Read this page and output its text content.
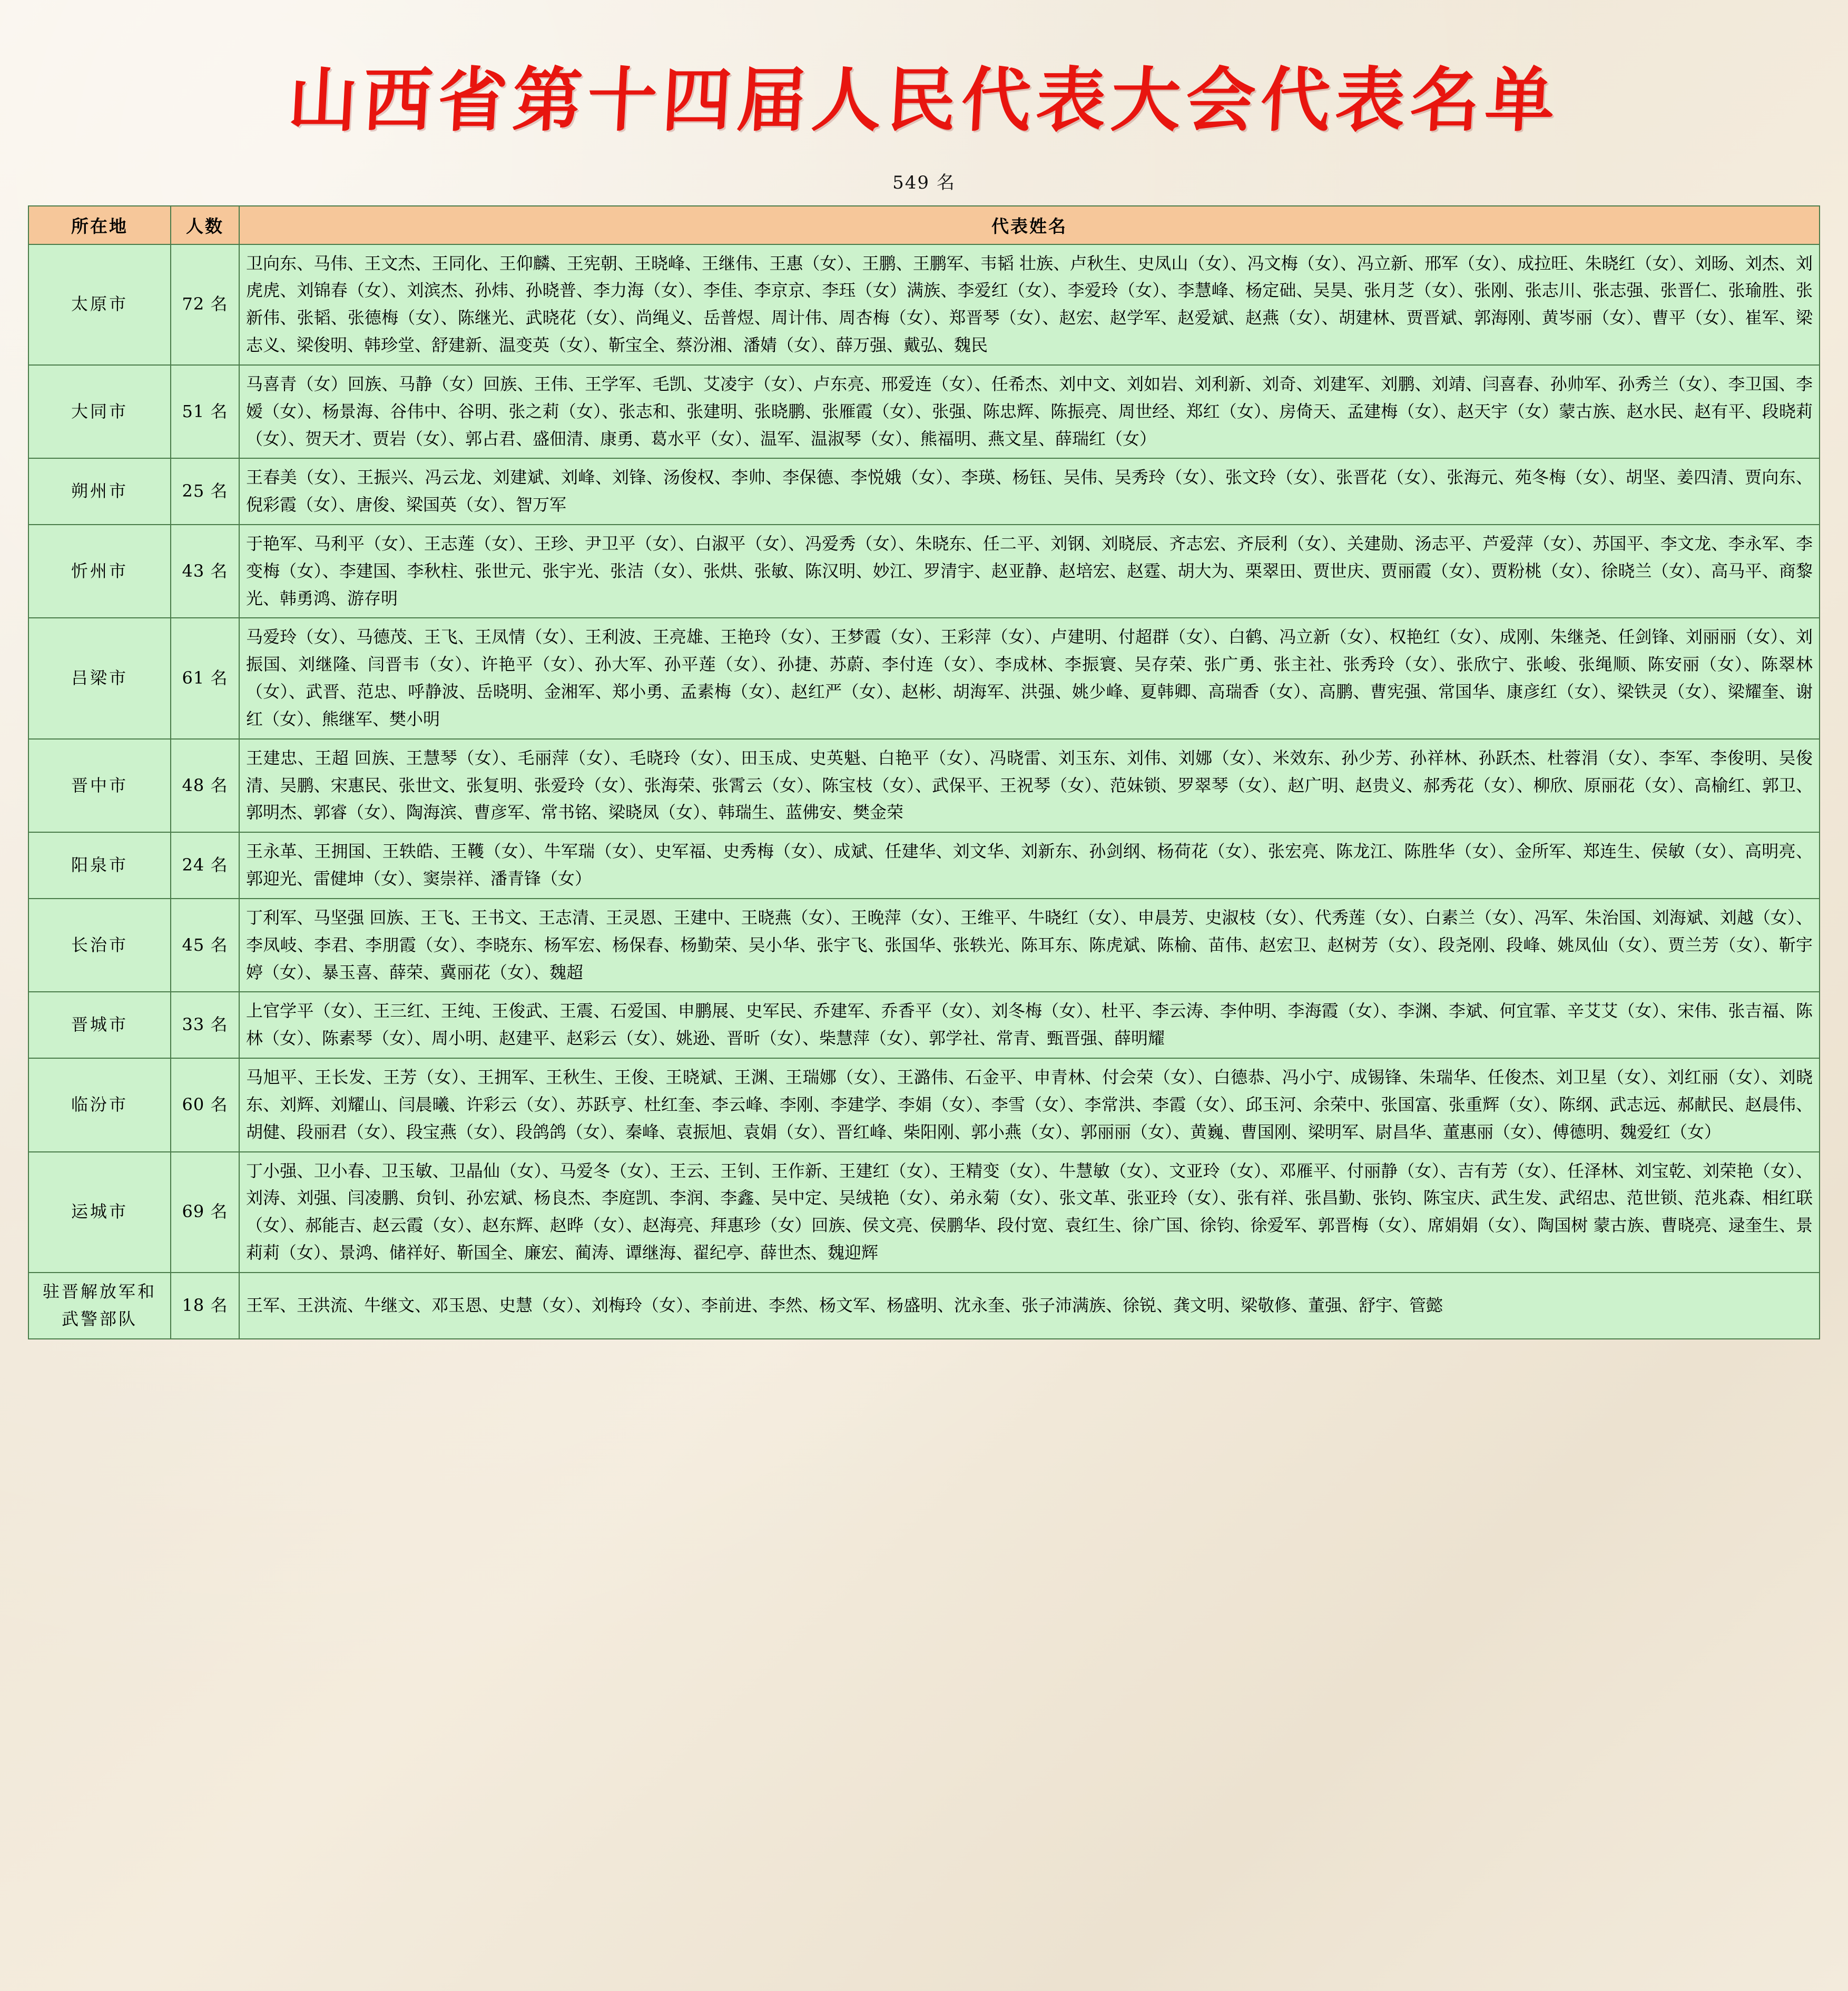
山西省第十四届人民代表大会代表名单
549 名
所在地	人数	代表姓名
太原市	72 名	卫向东、马伟、王文杰、王同化、王仰麟、王宪朝、王晓峰、王继伟、王惠（女）、王鹏、王鹏军、韦韬 壮族、卢秋生、史凤山（女）、冯文梅（女）、冯立新、邢军（女）、成拉旺、朱晓红（女）、刘旸、刘杰、刘虎虎、刘锦春（女）、刘滨杰、孙炜、孙晓普、李力海（女）、李佳、李京京、李珏（女）满族、李爱红（女）、李爱玲（女）、李慧峰、杨定础、吴昊、张月芝（女）、张刚、张志川、张志强、张晋仁、张瑜胜、张新伟、张韬、张德梅（女）、陈继光、武晓花（女）、尚绳义、岳普煜、周计伟、周杏梅（女）、郑晋琴（女）、赵宏、赵学军、赵爱斌、赵燕（女）、胡建林、贾晋斌、郭海刚、黄岑丽（女）、曹平（女）、崔军、梁志义、梁俊明、韩珍堂、舒建新、温变英（女）、靳宝全、蔡汾湘、潘婧（女）、薛万强、戴弘、魏民
大同市	51 名	马喜青（女）回族、马静（女）回族、王伟、王学军、毛凯、艾凌宇（女）、卢东亮、邢爱连（女）、任希杰、刘中文、刘如岩、刘利新、刘奇、刘建军、刘鹏、刘靖、闫喜春、孙帅军、孙秀兰（女）、李卫国、李嫒（女）、杨景海、谷伟中、谷明、张之莉（女）、张志和、张建明、张晓鹏、张雁霞（女）、张强、陈忠辉、陈振亮、周世经、郑红（女）、房倚天、孟建梅（女）、赵天宇（女）蒙古族、赵水民、赵有平、段晓莉（女）、贺天才、贾岩（女）、郭占君、盛佃清、康勇、葛水平（女）、温军、温淑琴（女）、熊福明、燕文星、薛瑞红（女）
朔州市	25 名	王春美（女）、王振兴、冯云龙、刘建斌、刘峰、刘锋、汤俊权、李帅、李保德、李悦娥（女）、李瑛、杨钰、吴伟、吴秀玲（女）、张文玲（女）、张晋花（女）、张海元、苑冬梅（女）、胡坚、姜四清、贾向东、倪彩霞（女）、唐俊、梁国英（女）、智万军
忻州市	43 名	于艳军、马利平（女）、王志莲（女）、王珍、尹卫平（女）、白淑平（女）、冯爱秀（女）、朱晓东、任二平、刘钢、刘晓辰、齐志宏、齐辰利（女）、关建勋、汤志平、芦爱萍（女）、苏国平、李文龙、李永军、李变梅（女）、李建国、李秋柱、张世元、张宇光、张洁（女）、张烘、张敏、陈汉明、妙江、罗清宇、赵亚静、赵培宏、赵霆、胡大为、栗翠田、贾世庆、贾丽霞（女）、贾粉桃（女）、徐晓兰（女）、高马平、商黎光、韩勇鸿、游存明
吕梁市	61 名	马爱玲（女）、马德茂、王飞、王凤情（女）、王利波、王亮雄、王艳玲（女）、王梦霞（女）、王彩萍（女）、卢建明、付超群（女）、白鹤、冯立新（女）、权艳红（女）、成刚、朱继尧、任剑锋、刘丽丽（女）、刘振国、刘继隆、闫晋韦（女）、许艳平（女）、孙大军、孙平莲（女）、孙捷、苏蔚、李付连（女）、李成林、李振寰、吴存荣、张广勇、张主社、张秀玲（女）、张欣宁、张峻、张绳顺、陈安丽（女）、陈翠林（女）、武晋、范忠、呼静波、岳晓明、金湘军、郑小勇、孟素梅（女）、赵红严（女）、赵彬、胡海军、洪强、姚少峰、夏韩卿、高瑞香（女）、高鹏、曹宪强、常国华、康彦红（女）、梁铁灵（女）、梁耀奎、谢红（女）、熊继军、樊小明
晋中市	48 名	王建忠、王超 回族、王慧琴（女）、毛丽萍（女）、毛晓玲（女）、田玉成、史英魁、白艳平（女）、冯晓雷、刘玉东、刘伟、刘娜（女）、米效东、孙少芳、孙祥林、孙跃杰、杜蓉涓（女）、李军、李俊明、吴俊清、吴鹏、宋惠民、张世文、张复明、张爱玲（女）、张海荣、张霄云（女）、陈宝枝（女）、武保平、王祝琴（女）、范妹锁、罗翠琴（女）、赵广明、赵贵义、郝秀花（女）、柳欣、原丽花（女）、高榆红、郭卫、郭明杰、郭睿（女）、陶海滨、曹彦军、常书铭、梁晓凤（女）、韩瑞生、蓝佛安、樊金荣
阳泉市	24 名	王永革、王拥国、王轶皓、王韄（女）、牛军瑞（女）、史军福、史秀梅（女）、成斌、任建华、刘文华、刘新东、孙剑纲、杨荷花（女）、张宏亮、陈龙江、陈胜华（女）、金所军、郑连生、侯敏（女）、高明亮、郭迎光、雷健坤（女）、窦崇祥、潘青锋（女）
长治市	45 名	丁利军、马坚强 回族、王飞、王书文、王志清、王灵恩、王建中、王晓燕（女）、王晚萍（女）、王维平、牛晓红（女）、申晨芳、史淑枝（女）、代秀莲（女）、白素兰（女）、冯军、朱治国、刘海斌、刘越（女）、李凤岐、李君、李朋霞（女）、李晓东、杨军宏、杨保春、杨勤荣、吴小华、张宇飞、张国华、张轶光、陈耳东、陈虎斌、陈榆、苗伟、赵宏卫、赵树芳（女）、段尧刚、段峰、姚凤仙（女）、贾兰芳（女）、靳宇婷（女）、暴玉喜、薛荣、冀丽花（女）、魏超
晋城市	33 名	上官学平（女）、王三红、王纯、王俊武、王震、石爱国、申鹏展、史军民、乔建军、乔香平（女）、刘冬梅（女）、杜平、李云涛、李仲明、李海霞（女）、李渊、李斌、何宜霏、辛艾艾（女）、宋伟、张吉福、陈林（女）、陈素琴（女）、周小明、赵建平、赵彩云（女）、姚逊、晋昕（女）、柴慧萍（女）、郭学社、常青、甄晋强、薛明耀
临汾市	60 名	马旭平、王长发、王芳（女）、王拥军、王秋生、王俊、王晓斌、王渊、王瑞娜（女）、王潞伟、石金平、申青林、付会荣（女）、白德恭、冯小宁、成锡锋、朱瑞华、任俊杰、刘卫星（女）、刘红丽（女）、刘晓东、刘辉、刘耀山、闫晨曦、许彩云（女）、苏跃亨、杜红奎、李云峰、李刚、李建学、李娟（女）、李雪（女）、李常洪、李霞（女）、邱玉河、余荣中、张国富、张重辉（女）、陈纲、武志远、郝献民、赵晨伟、胡健、段丽君（女）、段宝燕（女）、段鸽鸽（女）、秦峰、袁振旭、袁娟（女）、晋红峰、柴阳刚、郭小燕（女）、郭丽丽（女）、黄巍、曹国刚、梁明军、尉昌华、董惠丽（女）、傅德明、魏爱红（女）
运城市	69 名	丁小强、卫小春、卫玉敏、卫晶仙（女）、马爱冬（女）、王云、王钊、王作新、王建红（女）、王精变（女）、牛慧敏（女）、文亚玲（女）、邓雁平、付丽静（女）、吉有芳（女）、任泽林、刘宝乾、刘荣艳（女）、刘涛、刘强、闫凌鹏、贠钊、孙宏斌、杨良杰、李庭凯、李润、李鑫、吴中定、吴绒艳（女）、弟永菊（女）、张文革、张亚玲（女）、张有祥、张昌勤、张钧、陈宝庆、武生发、武绍忠、范世锁、范兆森、相红联（女）、郝能吉、赵云霞（女）、赵东辉、赵晔（女）、赵海亮、拜惠珍（女）回族、侯文亮、侯鹏华、段付宽、袁红生、徐广国、徐钧、徐爱军、郭晋梅（女）、席娟娟（女）、陶国树 蒙古族、曹晓亮、逯奎生、景莉莉（女）、景鸿、储祥好、靳国全、廉宏、蔺涛、谭继海、翟纪亭、薛世杰、魏迎辉
驻晋解放军和武警部队	18 名	王军、王洪流、牛继文、邓玉恩、史慧（女）、刘梅玲（女）、李前进、李然、杨文军、杨盛明、沈永奎、张子沛满族、徐锐、龚文明、梁敬修、董强、舒宇、管懿
